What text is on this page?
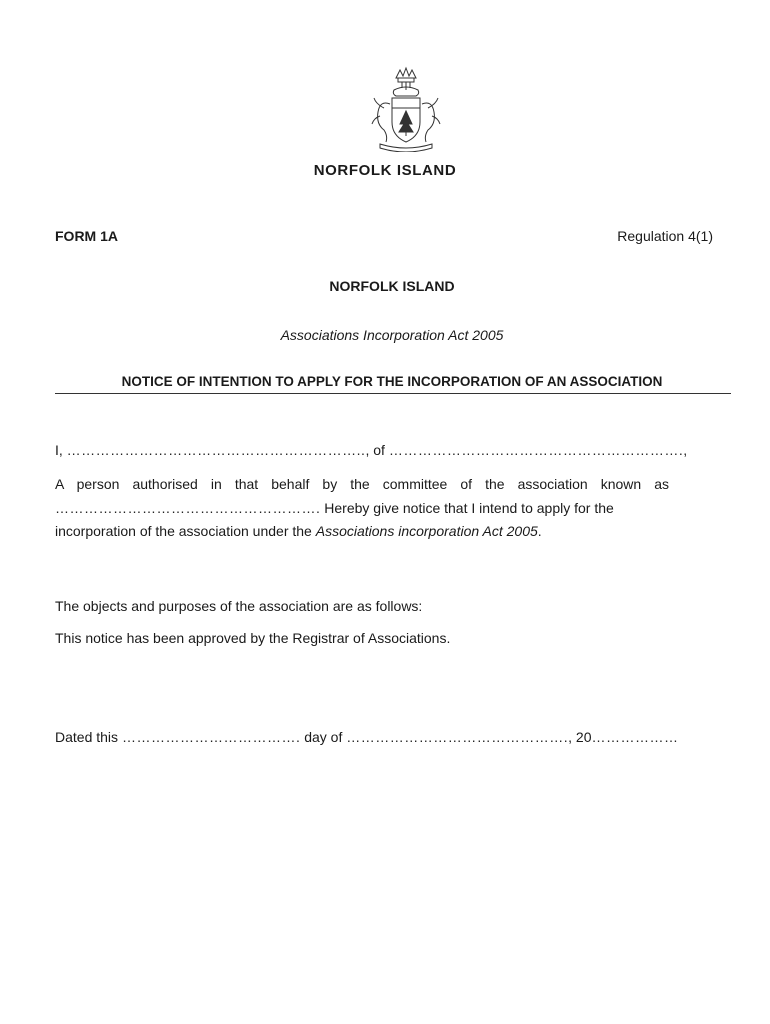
NORFOLK ISLAND
FORM 1A	Regulation 4(1)
NORFOLK ISLAND
Associations Incorporation Act 2005
NOTICE OF INTENTION TO APPLY FOR THE INCORPORATION OF AN ASSOCIATION
I, …………………………………………………….., of …………………………………………………….,
A person authorised in that behalf by the committee of the association known as
………………………………………………. Hereby give notice that I intend to apply for the
incorporation of the association under the Associations incorporation Act 2005.
The objects and purposes of the association are as follows:
This notice has been approved by the Registrar of Associations.
Dated this ………………………………. day of ………………………………………., 20………………
